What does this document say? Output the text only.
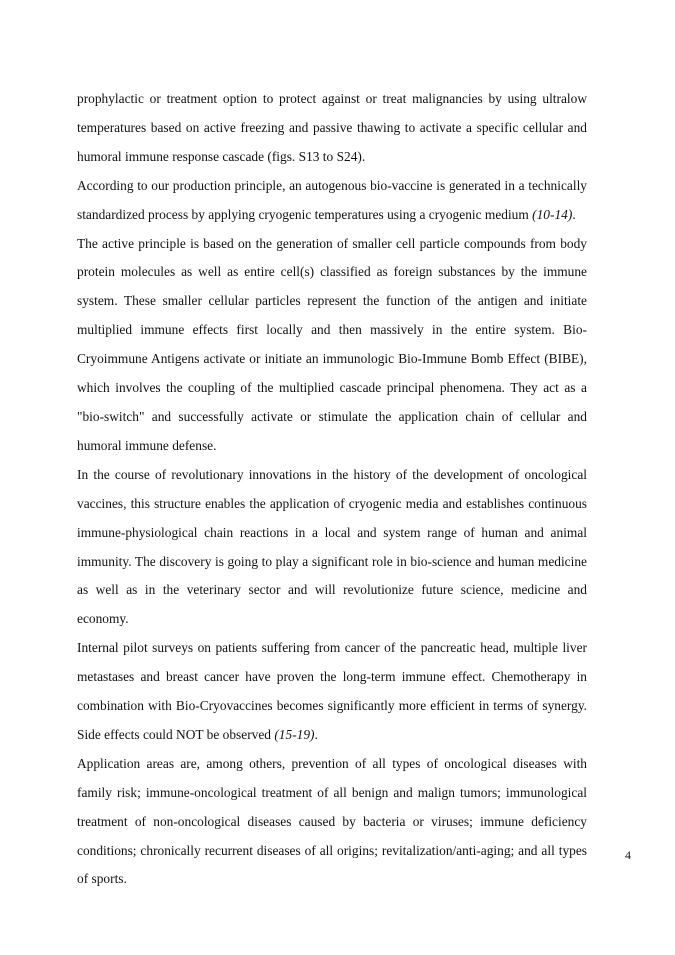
prophylactic or treatment option to protect against or treat malignancies by using ultralow temperatures based on active freezing and passive thawing to activate a specific cellular and humoral immune response cascade (figs. S13 to S24).

According to our production principle, an autogenous bio-vaccine is generated in a technically standardized process by applying cryogenic temperatures using a cryogenic medium (10-14).

The active principle is based on the generation of smaller cell particle compounds from body protein molecules as well as entire cell(s) classified as foreign substances by the immune system. These smaller cellular particles represent the function of the antigen and initiate multiplied immune effects first locally and then massively in the entire system. Bio-Cryoimmune Antigens activate or initiate an immunologic Bio-Immune Bomb Effect (BIBE), which involves the coupling of the multiplied cascade principal phenomena. They act as a "bio-switch" and successfully activate or stimulate the application chain of cellular and humoral immune defense.

In the course of revolutionary innovations in the history of the development of oncological vaccines, this structure enables the application of cryogenic media and establishes continuous immune-physiological chain reactions in a local and system range of human and animal immunity. The discovery is going to play a significant role in bio-science and human medicine as well as in the veterinary sector and will revolutionize future science, medicine and economy.

Internal pilot surveys on patients suffering from cancer of the pancreatic head, multiple liver metastases and breast cancer have proven the long-term immune effect. Chemotherapy in combination with Bio-Cryovaccines becomes significantly more efficient in terms of synergy. Side effects could NOT be observed (15-19).

Application areas are, among others, prevention of all types of oncological diseases with family risk; immune-oncological treatment of all benign and malign tumors; immunological treatment of non-oncological diseases caused by bacteria or viruses; immune deficiency conditions; chronically recurrent diseases of all origins; revitalization/anti-aging; and all types of sports.

4
